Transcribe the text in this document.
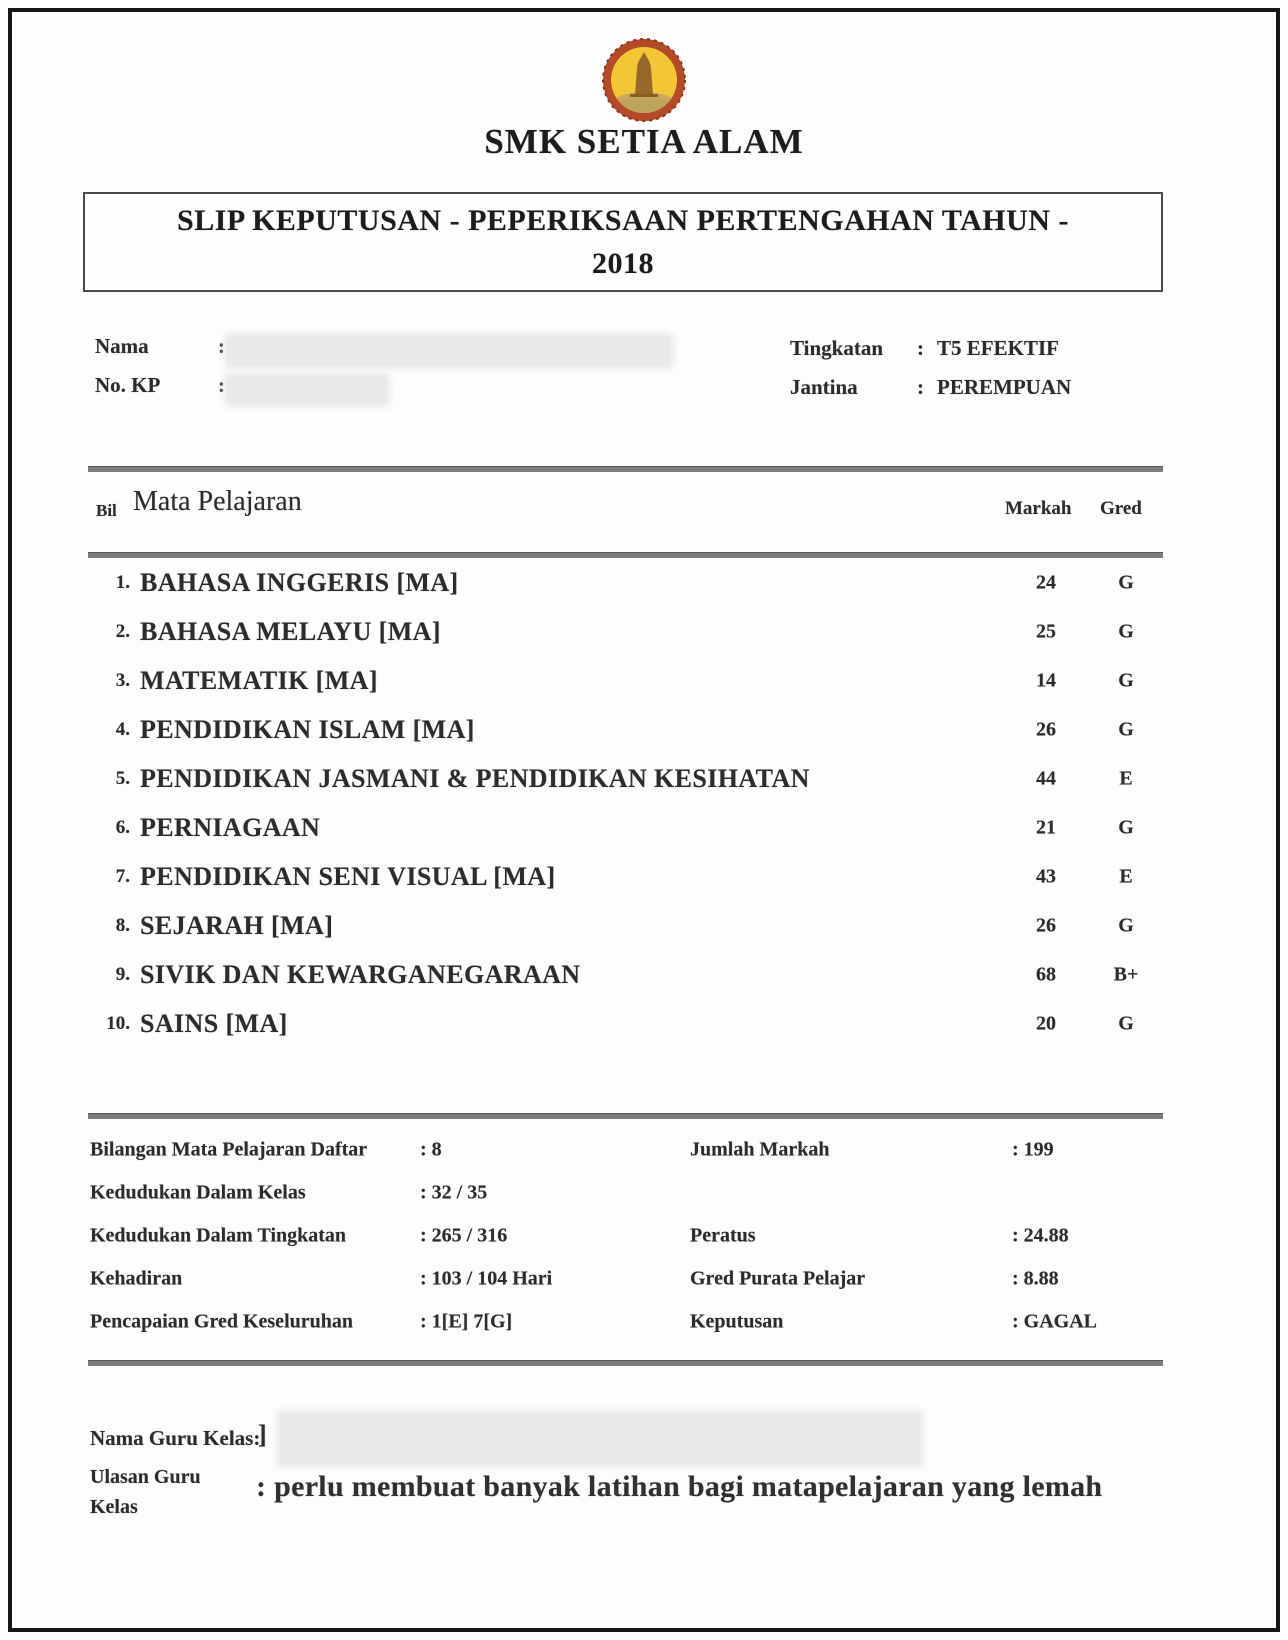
SMK SETIA ALAM
SLIP KEPUTUSAN - PEPERIKSAAN PERTENGAHAN TAHUN -
2018
Nama	:
No. KP	:
Tingkatan : T5 EFEKTIF
Jantina	: PEREMPUAN
Bil Mata Pelajaran	Markah Gred
1. BAHASA INGGERIS [MA]	24	G
2. BAHASA MELAYU [MA]	25	G
3. MATEMATIK [MA]	14	G
4. PENDIDIKAN ISLAM [MA]	26	G
5. PENDIDIKAN JASMANI & PENDIDIKAN KESIHATAN	44	E
6. PERNIAGAAN	21	G
7. PENDIDIKAN SENI VISUAL [MA]	43	E
8. SEJARAH [MA]	26	G
9. SIVIK DAN KEWARGANEGARAAN	68	B+
10. SAINS [MA]	20	G
Bilangan Mata Pelajaran Daftar	: 8	Jumlah Markah	: 199
Kedudukan Dalam Kelas	: 32 / 35
Kedudukan Dalam Tingkatan	: 265 / 316	Peratus	: 24.88
Kehadiran	: 103 / 104 Hari	Gred Purata Pelajar	: 8.88
Pencapaian Gred Keseluruhan	: 1[E] 7[G]	Keputusan	: GAGAL
Nama Guru Kelas:
]
Ulasan Guru
Kelas
: perlu membuat banyak latihan bagi matapelajaran yang lemah
